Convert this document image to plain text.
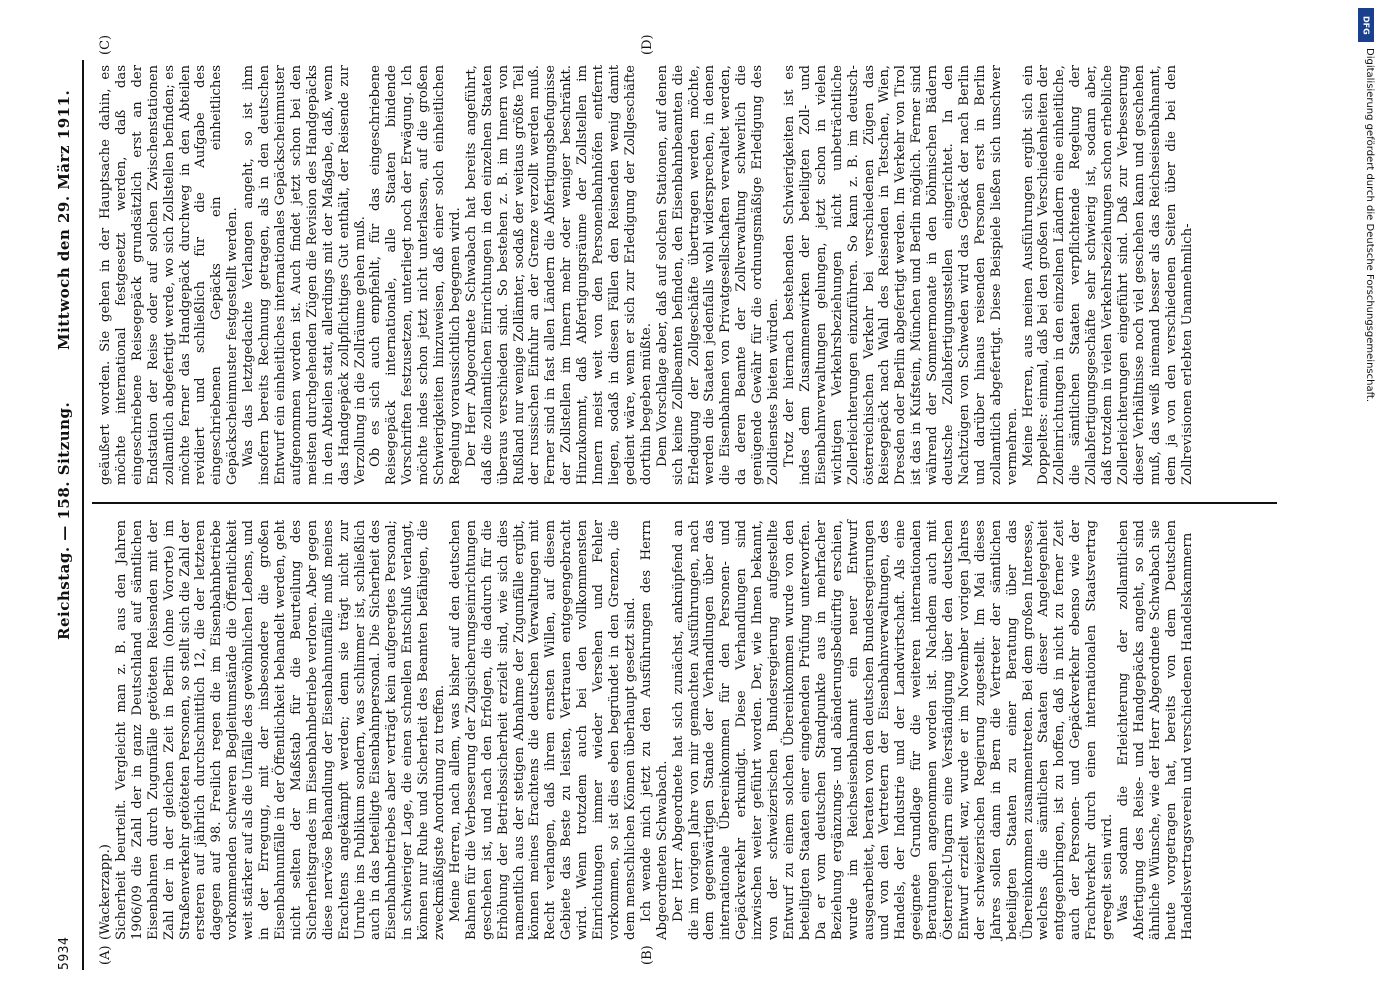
5934
Reichstag. — 158. Sitzung.
Mittwoch den 29. März 1911.
(A)	(B)
(C)	(D)

(Wackerzapp.) Sicherheit beurteilt. Vergleicht man z. B. aus den Jahren 1906/09 die Zahl der in ganz Deutschland auf sämtlichen Eisenbahnen durch Zugunfälle getöteten Reisenden mit der Zahl der in der gleichen Zeit in Berlin (ohne Vororte) im Straßenverkehr getöteten Personen, so stellt sich die Zahl der ersteren auf jährlich durchschnittlich 12, die der letzteren dagegen auf 98. Freilich regen die im Eisenbahnbetriebe vorkommenden schweren Begleitumstände die Öffentlichkeit weit stärker auf als die Unfälle des gewöhnlichen Lebens, und in der Erregung, mit der insbesondere die großen Eisenbahnunfälle in der Öffentlichkeit behandelt werden, geht nicht selten der Maßstab für die Beurteilung des Sicherheitsgrades im Eisenbahnbetriebe verloren. Aber gegen diese nervöse Behandlung der Eisenbahnunfälle muß meines Erachtens angekämpft werden; denn sie trägt nicht zur Unruhe ins Publikum sondern, was schlimmer ist, schließlich auch in das beteiligte Eisenbahnpersonal. Die Sicherheit des Eisenbahnbetriebes aber verträgt kein aufgeregtes Personal; in schwieriger Lage, die einen schnellen Entschluß verlangt, können nur Ruhe und Sicherheit des Beamten befähigen, die zweckmäßigste Anordnung zu treffen. Meine Herren, nach allem, was bisher auf den deutschen Bahnen für die Verbesserung der Zugsicherungseinrichtungen geschehen ist, und nach den Erfolgen, die dadurch für die Erhöhung der Betriebssicherheit erzielt sind, wie sich dies namentlich aus der stetigen Abnahme der Zugunfälle ergibt, können meines Erachtens die deutschen Verwaltungen mit Recht verlangen, daß ihrem ernsten Willen, auf diesem Gebiete das Beste zu leisten, Vertrauen entgegengebracht wird. Wenn trotzdem auch bei den vollkommensten Einrichtungen immer wieder Versehen und Fehler vorkommen, so ist dies eben begründet in den Grenzen, die dem menschlichen Können überhaupt gesetzt sind. Ich wende mich jetzt zu den Ausführungen des Herrn Abgeordneten Schwabach. Der Herr Abgeordnete hat sich zunächst, anknüpfend an die im vorigen Jahre von mir gemachten Ausführungen, nach dem gegenwärtigen Stande der Verhandlungen über das internationale Übereinkommen für den Personen- und Gepäckverkehr erkundigt. Diese Verhandlungen sind inzwischen weiter geführt worden. Der, wie Ihnen bekannt, von der schweizerischen Bundesregierung aufgestellte Entwurf zu einem solchen Übereinkommen wurde von den beteiligten Staaten einer eingehenden Prüfung unterworfen. Da er vom deutschen Standpunkte aus in mehrfacher Beziehung ergänzungs- und abänderungsbedürftig erschien, wurde im Reichseisenbahnamt ein neuer Entwurf ausgearbeitet, beraten von den deutschen Bundesregierungen und von den Vertretern der Eisenbahnverwaltungen, des Handels, der Industrie und der Landwirtschaft. Als eine geeignete Grundlage für die weiteren internationalen Beratungen angenommen worden ist. Nachdem auch mit Österreich-Ungarn eine Verständigung über den deutschen Entwurf erzielt war, wurde er im November vorigen Jahres der schweizerischen Regierung zugestellt. Im Mai dieses Jahres sollen dann in Bern die Vertreter der sämtlichen beteiligten Staaten zu einer Beratung über das Übereinkommen zusammentreten. Bei dem großen Interesse, welches die sämtlichen Staaten dieser Angelegenheit entgegenbringen, ist zu hoffen, daß in nicht zu ferner Zeit auch der Personen- und Gepäckverkehr ebenso wie der Frachtverkehr durch einen internationalen Staatsvertrag geregelt sein wird. Was sodann die Erleichterung der zollamtlichen Abfertigung des Reise- und Handgepäcks angeht, so sind ähnliche Wünsche, wie der Herr Abgeordnete Schwabach sie heute vorgetragen hat, bereits von dem Deutschen Handelsvertragsverein und verschiedenen Handelskammern

geäußert worden. Sie gehen in der Hauptsache dahin, es möchte international festgesetzt werden, daß das eingeschriebene Reisegepäck grundsätzlich erst an der Endstation der Reise oder auf solchen Zwischenstationen zollamtlich abgefertigt werde, wo sich Zollstellen befinden; es möchte ferner das Handgepäck durchweg in den Abteilen revidiert und schließlich für die Aufgabe des eingeschriebenen Gepäcks ein einheitliches Gepäckscheinmuster festgestellt werden. Was das letztgedachte Verlangen angeht, so ist ihm insofern bereits Rechnung getragen, als in den deutschen Entwurf ein einheitliches internationales Gepäckscheinmuster aufgenommen worden ist. Auch findet jetzt schon bei den meisten durchgehenden Zügen die Revision des Handgepäcks in den Abteilen statt, allerdings mit der Maßgabe, daß, wenn das Handgepäck zollpflichtiges Gut enthält, der Reisende zur Verzollung in die Zollräume gehen muß. Ob es sich auch empfiehlt, für das eingeschriebene Reisegepäck internationale, alle Staaten bindende Vorschriften festzusetzen, unterliegt noch der Erwägung. Ich möchte indes schon jetzt nicht unterlassen, auf die großen Schwierigkeiten hinzuweisen, daß einer solch einheitlichen Regelung voraussichtlich begegnen wird. Der Herr Abgeordnete Schwabach hat bereits angeführt, daß die zollamtlichen Einrichtungen in den einzelnen Staaten überaus verschieden sind. So bestehen z. B. im Innern von Rußland nur wenige Zollämter, sodaß der weitaus größte Teil der russischen Einfuhr an der Grenze verzollt werden muß. Ferner sind in fast allen Ländern die Abfertigungsbefugnisse der Zollstellen im Innern mehr oder weniger beschränkt. Hinzukommt, daß Abfertigungsräume der Zollstellen im Innern meist weit von den Personenbahnhöfen entfernt liegen, sodaß in diesen Fällen den Reisenden wenig damit gedient wäre, wenn er sich zur Erledigung der Zollgeschäfte dorthin begeben müßte. Dem Vorschlage aber, daß auf solchen Stationen, auf denen sich keine Zollbeamten befinden, den Eisenbahnbeamten die Erledigung der Zollgeschäfte übertragen werden möchte, werden die Staaten jedenfalls wohl widersprechen, in denen die Eisenbahnen von Privatgesellschaften verwaltet werden, da deren Beamte der Zollverwaltung schwerlich die genügende Gewähr für die ordnungsmäßige Erledigung des Zolldienstes bieten würden. Trotz der hiernach bestehenden Schwierigkeiten ist es indes dem Zusammenwirken der beteiligten Zoll- und Eisenbahnverwaltungen gelungen, jetzt schon in vielen wichtigen Verkehrsbeziehungen nicht unbeträchtliche Zollerleichterungen einzuführen. So kann z. B. im deutsch-österreichischen Verkehr bei verschiedenen Zügen das Reisegepäck nach Wahl des Reisenden in Tetschen, Wien, Dresden oder Berlin abgefertigt werden. Im Verkehr von Tirol ist das in Kufstein, München und Berlin möglich. Ferner sind während der Sommermonate in den böhmischen Bädern deutsche Zollabfertigungsstellen eingerichtet. In den Nachtzügen von Schweden wird das Gepäck der nach Berlin und darüber hinaus reisenden Personen erst in Berlin zollamtlich abgefertigt. Diese Beispiele ließen sich unschwer vermehren. Meine Herren, aus meinen Ausführungen ergibt sich ein Doppeltes: einmal, daß bei den großen Verschiedenheiten der Zolleinrichtungen in den einzelnen Ländern eine einheitliche, die sämtlichen Staaten verpflichtende Regelung der Zollabfertigungsgeschäfte sehr schwierig ist, sodann aber, daß trotzdem in vielen Verkehrsbeziehungen schon erhebliche Zollerleichterungen eingeführt sind. Daß zur Verbesserung dieser Verhältnisse noch viel geschehen kann und geschehen muß, das weiß niemand besser als das Reichseisenbahnamt, dem ja von den verschiedenen Seiten über die bei den Zollrevisionen erlebten Unannehmlich-

DFG
Digitalisierung gefördert durch die Deutsche Forschungsgemeinschaft.
